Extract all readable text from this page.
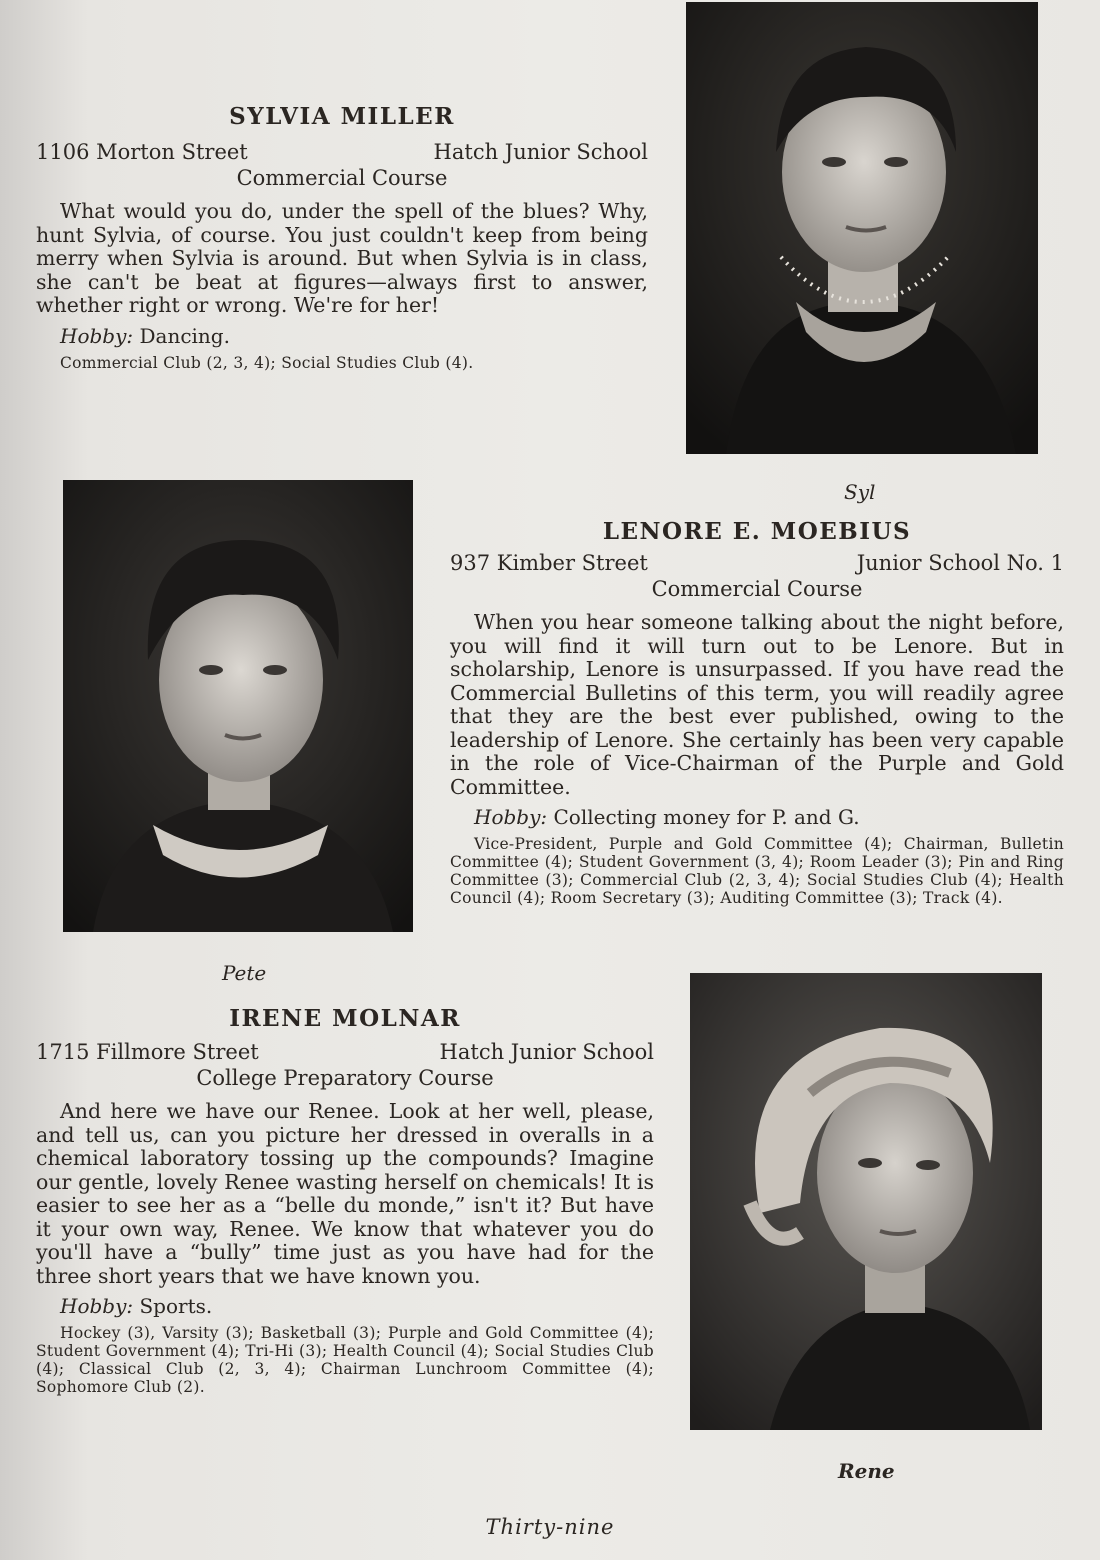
SYLVIA MILLER
1106 Morton Street	Hatch Junior School
Commercial Course
What would you do, under the spell of the blues? Why, hunt Sylvia, of course. You just couldn't keep from being merry when Sylvia is around. But when Sylvia is in class, she can't be beat at figures—always first to answer, whether right or wrong. We're for her!
Hobby: Dancing.
Commercial Club (2, 3, 4); Social Studies Club (4).
Syl
Pete
LENORE E. MOEBIUS
937 Kimber Street	Junior School No. 1
Commercial Course
When you hear someone talking about the night before, you will find it will turn out to be Lenore. But in scholarship, Lenore is unsurpassed. If you have read the Commercial Bulletins of this term, you will readily agree that they are the best ever published, owing to the leadership of Lenore. She certainly has been very capable in the role of Vice-Chairman of the Purple and Gold Committee.
Hobby: Collecting money for P. and G.
Vice-President, Purple and Gold Committee (4); Chairman, Bulletin Committee (4); Student Government (3, 4); Room Leader (3); Pin and Ring Committee (3); Commercial Club (2, 3, 4); Social Studies Club (4); Health Council (4); Room Secretary (3); Auditing Committee (3); Track (4).
IRENE MOLNAR
1715 Fillmore Street	Hatch Junior School
College Preparatory Course
And here we have our Renee. Look at her well, please, and tell us, can you picture her dressed in overalls in a chemical laboratory tossing up the compounds? Imagine our gentle, lovely Renee wasting herself on chemicals! It is easier to see her as a “belle du monde,” isn't it? But have it your own way, Renee. We know that whatever you do you'll have a “bully” time just as you have had for the three short years that we have known you.
Hobby: Sports.
Hockey (3), Varsity (3); Basketball (3); Purple and Gold Committee (4); Student Government (4); Tri-Hi (3); Health Council (4); Social Studies Club (4); Classical Club (2, 3, 4); Chairman Lunchroom Committee (4); Sophomore Club (2).
Rene
Thirty-nine
